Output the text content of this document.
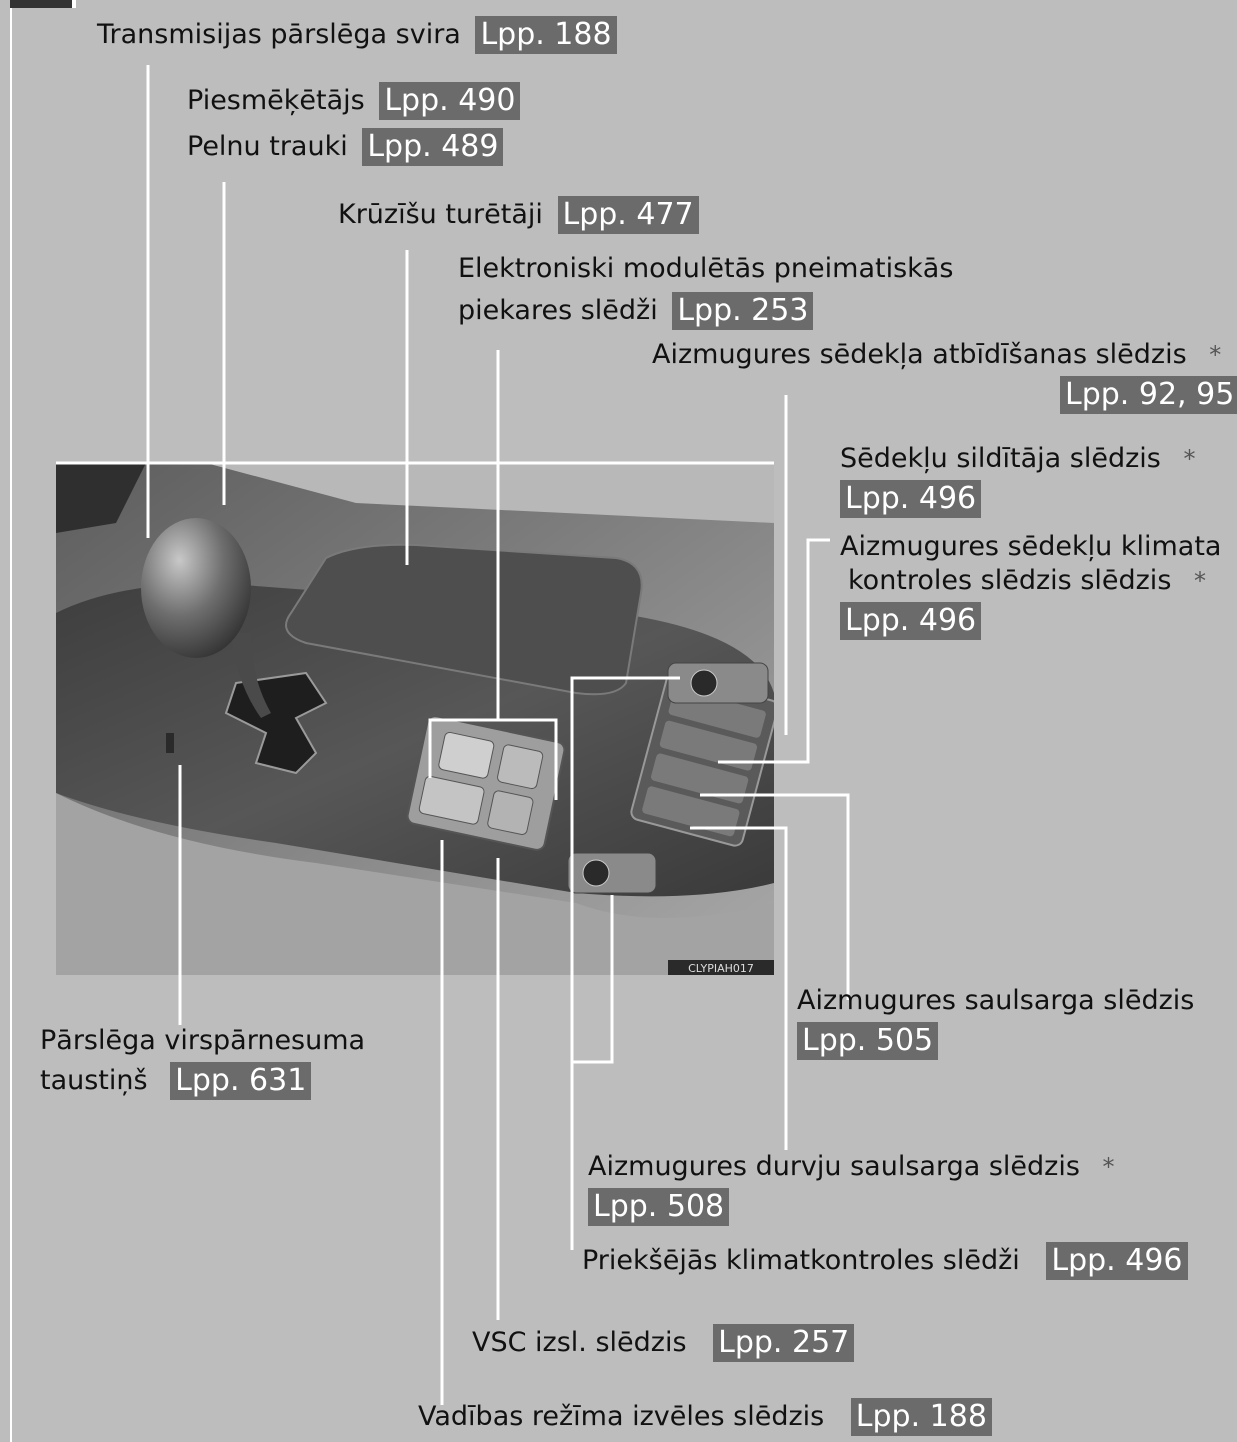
CLYPIAH017
Transmisijas pārslēga svira Lpp. 188
Piesmēķētājs Lpp. 490
Pelnu trauki Lpp. 489
Krūzīšu turētāji Lpp. 477
Elektroniski modulētās pneimatiskās
piekares slēdži Lpp. 253
Aizmugures sēdekļa atbīdīšanas slēdzis *
Lpp. 92, 95
Sēdekļu sildītāja slēdzis *
Lpp. 496
Aizmugures sēdekļu klimata
kontroles slēdzis slēdzis *
Lpp. 496
Aizmugures saulsarga slēdzis
Lpp. 505
Pārslēga virspārnesuma
taustiņš Lpp. 631
Aizmugures durvju saulsarga slēdzis *
Lpp. 508
Priekšējās klimatkontroles slēdži Lpp. 496
VSC izsl. slēdzis Lpp. 257
Vadības režīma izvēles slēdzis Lpp. 188
